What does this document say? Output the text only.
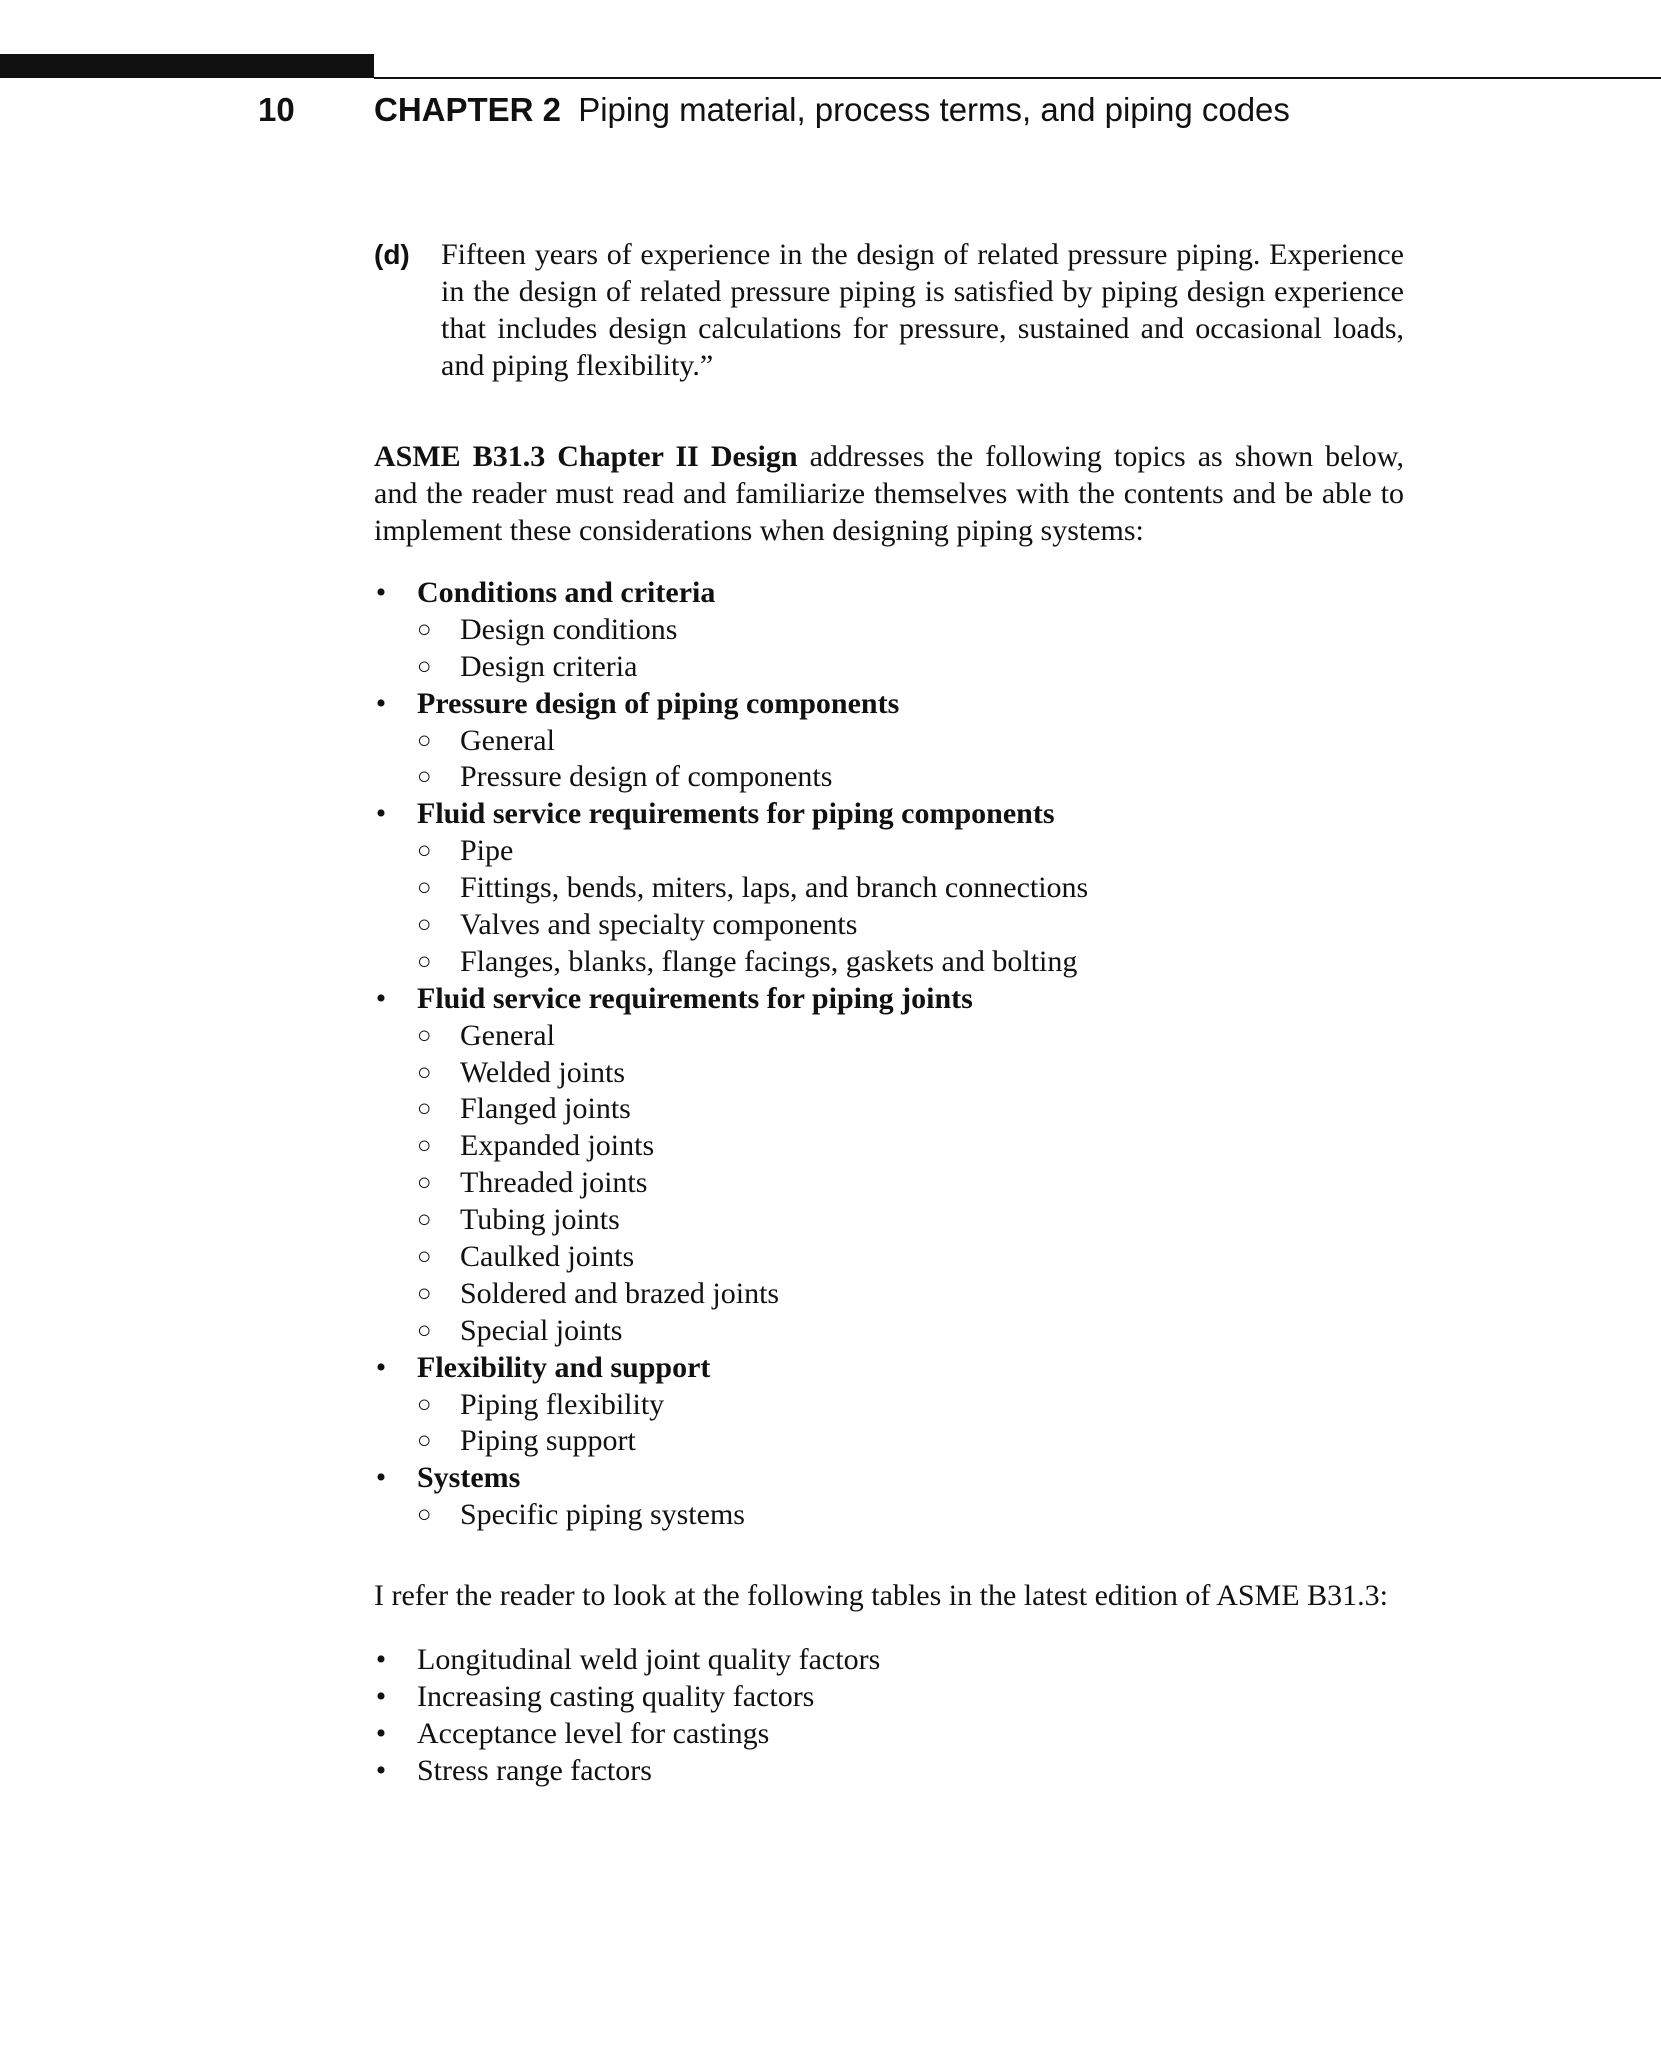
10 CHAPTER 2 Piping material, process terms, and piping codes
(d) Fifteen years of experience in the design of related pressure piping. Experience in the design of related pressure piping is satisfied by piping design experience that includes design calculations for pressure, sustained and occasional loads, and piping flexibility.”
ASME B31.3 Chapter II Design addresses the following topics as shown below, and the reader must read and familiarize themselves with the contents and be able to implement these considerations when designing piping systems:
• Conditions and criteria
○ Design conditions
○ Design criteria
• Pressure design of piping components
○ General
○ Pressure design of components
• Fluid service requirements for piping components
○ Pipe
○ Fittings, bends, miters, laps, and branch connections
○ Valves and specialty components
○ Flanges, blanks, flange facings, gaskets and bolting
• Fluid service requirements for piping joints
○ General
○ Welded joints
○ Flanged joints
○ Expanded joints
○ Threaded joints
○ Tubing joints
○ Caulked joints
○ Soldered and brazed joints
○ Special joints
• Flexibility and support
○ Piping flexibility
○ Piping support
• Systems
○ Specific piping systems
I refer the reader to look at the following tables in the latest edition of ASME B31.3:
• Longitudinal weld joint quality factors
• Increasing casting quality factors
• Acceptance level for castings
• Stress range factors
